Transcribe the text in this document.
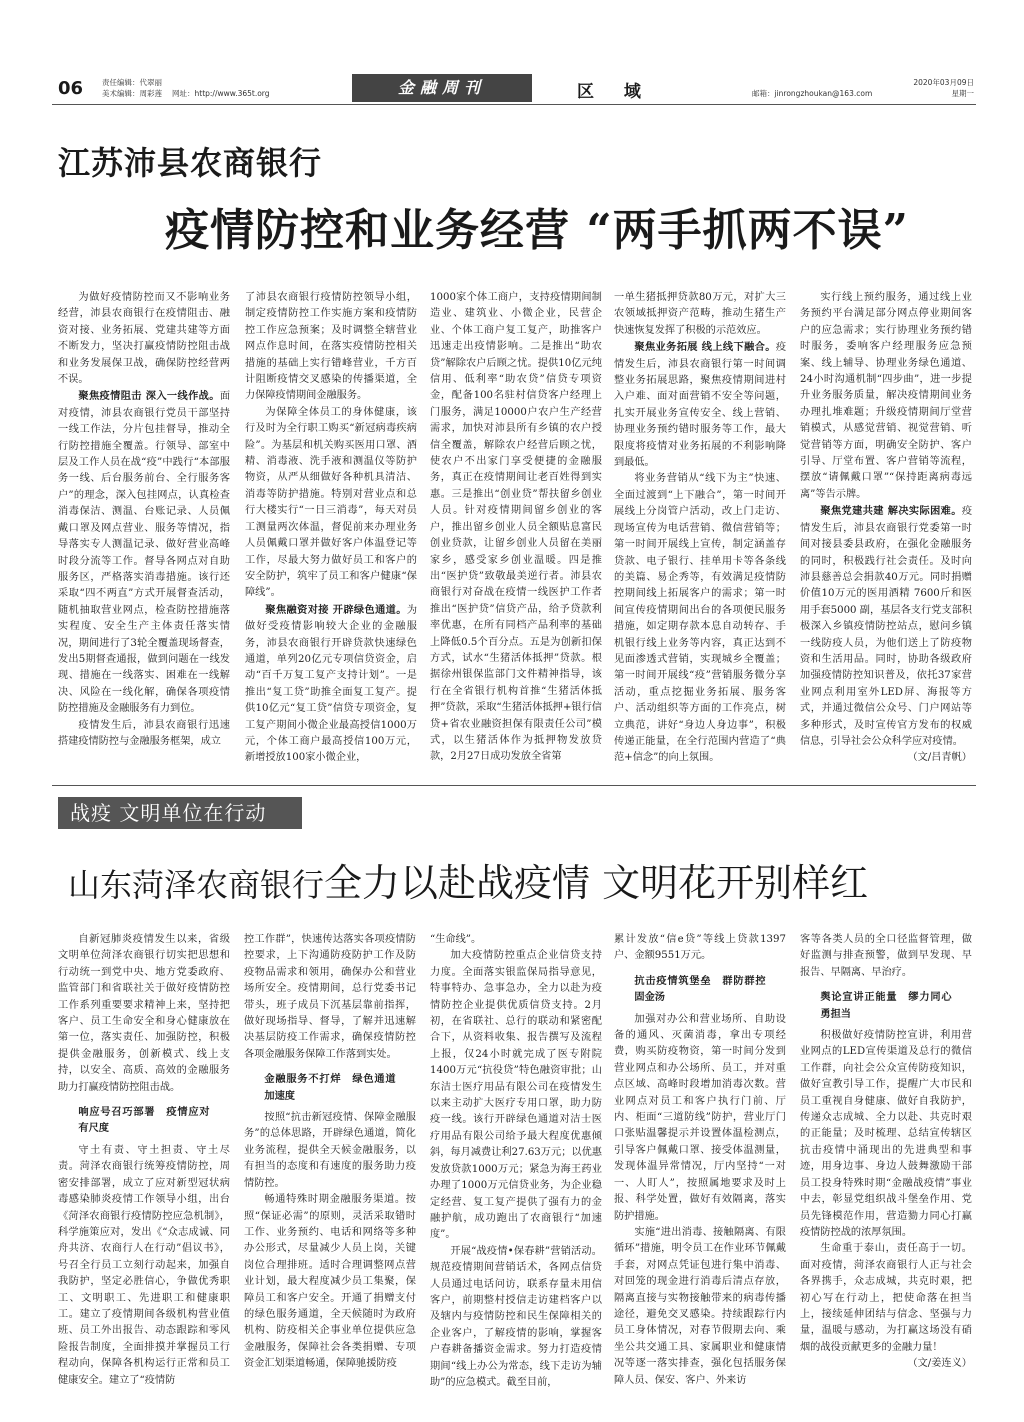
06	责任编辑：代翠丽
美术编辑：周彩莲 网址：http://www.365t.org	金融周刊	区 域	邮箱：jinrongzhoukan@163.com
2020年03月09日
星期一
江苏沛县农商银行
疫情防控和业务经营 “两手抓两不误”

为做好疫情防控而又不影响业务经营，沛县农商银行在疫情阻击、融资对接、业务拓展、党建共建等方面不断发力，坚决打赢疫情防控阻击战和业务发展保卫战，确保防控经营两不误。

聚焦疫情阻击 深入一线作战。面对疫情，沛县农商银行党员干部坚持一线工作法，分片包挂督导，推动全行防控措施全覆盖。行领导、部室中层及工作人员在战“疫”中践行“本部服务一线、后台服务前台、全行服务客户”的理念，深入包挂网点，认真检查消毒保洁、测温、台账记录、人员佩戴口罩及网点营业、服务等情况，指导落实专人测温记录、做好营业高峰时段分流等工作。督导各网点对自助服务区，严格落实消毒措施。该行还采取“四不两直”方式开展督查活动，随机抽取营业网点，检查防控措施落实程度、安全生产主体责任落实情况，期间进行了3轮全覆盖现场督查，发出5期督查通报，做到问题在一线发现、措施在一线落实、困难在一线解决、风险在一线化解，确保各项疫情防控措施及金融服务有力到位。

疫情发生后，沛县农商银行迅速搭建疫情防控与金融服务框架，成立

了沛县农商银行疫情防控领导小组，制定疫情防控工作实施方案和疫情防控工作应急预案；及时调整全辖营业网点作息时间，在落实疫情防控相关措施的基础上实行错峰营业，千方百计阻断疫情交叉感染的传播渠道，全力保障疫情期间金融服务。

为保障全体员工的身体健康，该行及时为全行职工购买“新冠病毒疾病险”。为基层和机关购买医用口罩、酒精、消毒液、洗手液和测温仪等防护物资，从严从细做好各种机具清洁、消毒等防护措施。特别对营业点和总行大楼实行“一日三消毒”，每天对员工测量两次体温，督促前来办理业务人员佩戴口罩并做好客户体温登记等工作，尽最大努力做好员工和客户的安全防护，筑牢了员工和客户健康“保障线”。

聚焦融资对接 开辟绿色通道。为做好受疫情影响较大企业的金融服务，沛县农商银行开辟贷款快速绿色通道，单列20亿元专项信贷资金，启动“百千万复工复产支持计划”。一是推出“复工贷”助推全面复工复产。提供10亿元“复工贷”信贷专项资金，复工复产期间小微企业最高授信1000万元，个体工商户最高授信100万元，新增授放100家小微企业，

1000家个体工商户，支持疫情期间制造业、建筑业、小微企业，民营企业、个体工商户复工复产，助推客户迅速走出疫情影响。二是推出“助农贷”解除农户后顾之忧。提供10亿元纯信用、低利率“助农贷”信贷专项资金，配备100名驻村信贷客户经理上门服务，满足10000户农户生产经营需求，加快对沛县所有乡镇的农户授信全覆盖，解除农户经营后顾之忧，使农户不出家门享受便捷的金融服务，真正在疫情期间让老百姓得到实惠。三是推出“创业贷”帮扶留乡创业人员。针对疫情期间留乡创业的客户，推出留乡创业人员全额贴息富民创业贷款，让留乡创业人员留在美丽家乡，感受家乡创业温暖。四是推出“医护贷”致敬最美逆行者。沛县农商银行对奋战在疫情一线医护工作者推出“医护贷”信贷产品，给予贷款利率优惠，在所有同档产品利率的基础上降低0.5个百分点。五是为创新扣保方式，试水“生猪活体抵押”贷款。根据徐州银保监部门文件精神指导，该行在全省银行机构首推“生猪活体抵押”贷款，采取“生猪活体抵押+银行信贷+省农业融资担保有限责任公司”模式，以生猪活体作为抵押物发放贷款，2月27日成功发放全省第

一单生猪抵押贷款80万元，对扩大三农领域抵押资产范畴，推动生猪生产快速恢复发挥了积极的示范效应。

聚焦业务拓展 线上线下融合。疫情发生后，沛县农商银行第一时间调整业务拓展思路，聚焦疫情期间进村入户难、面对面营销不安全等问题，扎实开展业务宣传安全、线上营销、协理业务预约错时服务等工作，最大限度将疫情对业务拓展的不利影响降到最低。

将业务营销从“线下为主”快速、全面过渡到“上下融合”，第一时间开展线上分岗管户活动，改上门走访、现场宣传为电话营销、微信营销等；第一时间开展线上宣传，制定涵盖存贷款、电子银行、挂单用卡等各条线的美篇、易企秀等，有效满足疫情防控期间线上拓展客户的需求；第一时间宣传疫情期间出台的各项便民服务措施，如定期存款本息自动转存、手机银行线上业务等内容，真正达到不见面渗透式营销，实现城乡全覆盖；第一时间开展线“疫”营销服务微分享活动，重点挖掘业务拓展、服务客户、活动组织等方面的工作亮点，树立典范，讲好“身边人身边事”，积极传递正能量，在全行范围内营造了“典范+信念”的向上氛围。

实行线上预约服务，通过线上业务预约平台满足部分网点停业期间客户的应急需求；实行协理业务预约错时服务，委响客户经理服务应急预案、线上辅导、协理业务绿色通道、24小时沟通机制“四步曲”，进一步提升业务服务质量，解决疫情期间业务办理扎堆难题；升级疫情期间厅堂营销模式，从感觉营销、视觉营销、听觉营销等方面，明确安全防护、客户引导、厅堂布置、客户营销等流程，摆放“请佩戴口罩”“保持距离病毒远离”等告示牌。

聚焦党建共建 解决实际困难。疫情发生后，沛县农商银行党委第一时间对接县委县政府，在强化金融服务的同时，积极践行社会责任。及时向沛县慈善总会捐款40万元。同时捐赠价值10万元的医用酒精 7600斤和医用手套5000 副，基层各支行党支部积极深入乡镇疫情防控站点，慰问乡镇一线防疫人员，为他们送上了防疫物资和生活用品。同时，协助各级政府加强疫情防控知识普及，依托37家营业网点利用室外LED屏、海报等方式，并通过微信公众号、门户网站等多种形式，及时宣传官方发布的权威信息，引导社会公众科学应对疫情。

（文/吕青帆）

战疫 文明单位在行动
山东菏泽农商银行全力以赴战疫情 文明花开别样红

自新冠肺炎疫情发生以来，省级文明单位菏泽农商银行切实把思想和行动统一到党中央、地方党委政府、监管部门和省联社关于做好疫情防控工作系列重要要求精神上来，坚持把客户、员工生命安全和身心健康放在第一位，落实责任、加强防控，积极提供金融服务，创新模式、线上支持，以安全、高质、高效的金融服务助力打赢疫情防控阻击战。

响应号召巧部署　疫情应对有尺度

守土有责、守土担责、守土尽责。菏泽农商银行统筹疫情防控，周密安排部署，成立了应对新型冠状病毒感染肺炎疫情工作领导小组，出台《菏泽农商银行疫情防控应急机制》，科学施策应对，发出《“众志成诚、同舟共济、农商行人在行动”倡议书》，号召全行员工立刻行动起来，加强自我防护，坚定必胜信心，争做优秀职工、文明职工、先进职工和健康职工。建立了疫情期间各级机构营业值班、员工外出报告、动态跟踪和零风险报告制度，全面排摸并掌握员工行程动向，保障各机构运行正常和员工健康安全。建立了“疫情防

控工作群”，快速传达落实各项疫情防控要求，上下沟通防疫防护工作及防疫物品需求和领用，确保办公和营业场所安全。疫情期间，总行党委书记带头，班子成员下沉基层靠前指挥，做好现场指导、督导，了解并迅速解决基层防疫工作需求，确保疫情防控各项金融服务保障工作落到实处。

金融服务不打烊　绿色通道加速度

按照“抗击新冠疫情、保障金融服务”的总体思路，开辟绿色通道，简化业务流程，提供全天候金融服务，以有担当的态度和有速度的服务助力疫情防控。

畅通特殊时期金融服务渠道。按照“保证必需”的原则，灵活采取错时工作、业务预约、电话和网络等多种办公形式，尽量减少人员上岗，关键岗位合理排班。适时合理调整网点营业计划，最大程度减少员工集聚，保障员工和客户安全。开通了捐赠支付的绿色服务通道，全天候随时为政府机构、防疫相关企事业单位提供应急金融服务，保障社会各类捐赠、专项资金汇划渠道畅通，保障驰援防疫

“生命线”。

加大疫情防控重点企业信贷支持力度。全面落实银监保局指导意见，特事特办、急事急办，全力以赴为疫情防控企业提供优质信贷支持。2月初，在省联社、总行的联动和紧密配合下，从资料收集、报告撰写及流程上报，仅24小时就完成了医专附院1400万元“抗役贷”特色融资审批；山东洁士医疗用品有限公司在疫情发生以来主动扩大医疗专用口罩，助力防疫一线。该行开辟绿色通道对洁士医疗用品有限公司给予最大程度优惠倾斜，每月减费让利27.63万元；以优惠发放贷款1000万元；紧急为海王药业办理了1000万元信贷业务，为企业稳定经营、复工复产提供了强有力的金融护航，成功跑出了农商银行“加速度”。

开展“战疫情•保春耕”营销活动。规范疫情期间营销话术，各网点信贷人员通过电话问访，联系存量未用信客户，前期整村授信走访建档客户以及辖内与疫情防控和民生保障相关的企业客户，了解疫情的影响，掌握客户春耕备播资金需求。努力打造疫情期间“线上办公为常态，线下走访为辅助”的应急模式。截至目前，

累计发放“信e贷”等线上贷款1397户、金额9551万元。

抗击疫情筑堡垒　群防群控固金汤

加强对办公和营业场所、自助设备的通风、灭菌消毒，拿出专项经费，购买防疫物资，第一时间分发到营业网点和办公场所、员工，并对重点区域、高峰时段增加消毒次数。营业网点对员工和客户执行门前、厅内、柜面“三道防线”防护，营业厅门口张贴温馨提示并设置体温检测点，引导客户佩戴口罩、接受体温测量，发现体温异常情况，厅内坚持“一对一、人盯人”，按照属地要求及时上报、科学处置，做好有效隔离，落实防护措施。

实施“进出消毒、接触隔离、有限循环”措施，明令员工在作业环节佩戴手套，对网点凭证包进行集中消毒、对回笼的现金进行消毒后清点存放，隔离直接与实物接触带来的病毒传播途径，避免交叉感染。持续跟踪行内员工身体情况，对春节假期去向、乘坐公共交通工具、家属职业和健康情况等逐一落实排查，强化包括服务保障人员、保安、客户、外来访

客等各类人员的全口径监督管理，做好监测与排查预警，做到早发现、早报告、早隔离、早治疗。

舆论宣讲正能量　缪力同心勇担当

积极做好疫情防控宣讲，利用营业网点的LED宣传渠道及总行的微信工作群，向社会公众宣传防疫知识，做好宣教引导工作，提醒广大市民和员工重视自身健康、做好自我防护，传递众志成城、全力以赴、共克时艰的正能量；及时梳理、总结宣传辖区抗击疫情中涌现出的先进典型和事迹，用身边事、身边人鼓舞激励干部员工投身特殊时期“金融战疫情”事业中去，彰显党组织战斗堡垒作用、党员先锋模范作用，营造勠力同心打赢疫情防控战的浓厚氛围。

生命重于泰山，责任高于一切。面对疫情，菏泽农商银行人正与社会各界携手，众志成城，共克时艰，把初心写在行动上，把使命落在担当上，接续延伸团结与信念、坚强与力量，温暖与感动，为打赢这场没有硝烟的战役贡献更多的金融力量！

（文/姜连义）
